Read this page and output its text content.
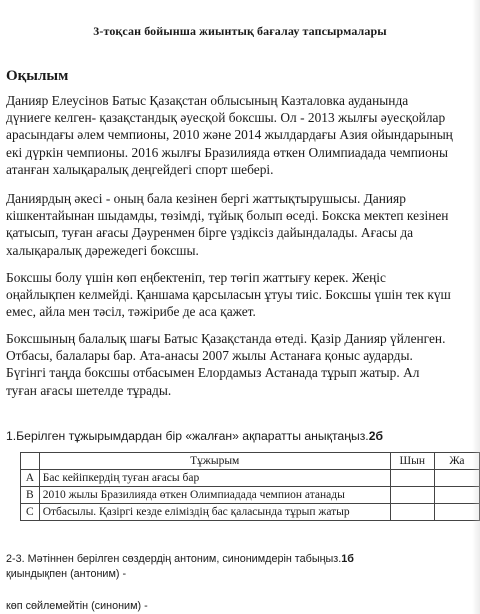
3-тоқсан бойынша жиынтық бағалау тапсырмалары
Оқылым
Данияр Елеусінов Батыс Қазақстан облысының Казталовка ауданында
дүниеге келген- қазақстандық әуесқой боксшы. Ол - 2013 жылғы әуесқойлар
арасындағы әлем чемпионы, 2010 және 2014 жылдардағы Азия ойындарының
екі дүркін чемпионы. 2016 жылғы Бразилияда өткен Олимпиадада чемпионы
атанған халықаралық деңгейдегі спорт шебері.
Даниярдың әкесі - оның бала кезінен бергі жаттықтырушысы. Данияр
кішкентайынан шыдамды, төзімді, тұйық болып өседі. Бокска мектеп кезінен
қатысып, туған ағасы Дәуренмен бірге үздіксіз дайындалады. Ағасы да
халықаралық дәрежедегі боксшы.
Боксшы болу үшін көп еңбектеніп, тер төгіп жаттығу керек. Жеңіс
оңайлықпен келмейді. Қаншама қарсыласын ұтуы тиіс. Боксшы үшін тек күш
емес, айла мен тәсіл, тәжірибе де аса қажет.
Боксшының балалық шағы Батыс Қазақстанда өтеді. Қазір Данияр үйленген.
Отбасы, балалары бар. Ата-анасы 2007 жылы Астанаға қоныс аударды.
Бүгінгі таңда боксшы отбасымен Елордамыз Астанада тұрып жатыр. Ал
туған ағасы шетелде тұрады.
1.Берілген тұжырымдардан бір «жалған» ақпаратты анықтаңыз.2б
	Тұжырым	Шын	Жа
A	Бас кейіпкердің туған ағасы бар		
B	2010 жылы Бразилияда өткен Олимпиадада чемпион атанады		
C	Отбасылы. Қазіргі кезде еліміздің бас қаласында тұрып жатыр		
2-3. Мәтіннен берілген сөздердің антоним, синонимдерін табыңыз.1б
қиындықпен (антоним) -
көп сөйлемейтін (синоним) -
